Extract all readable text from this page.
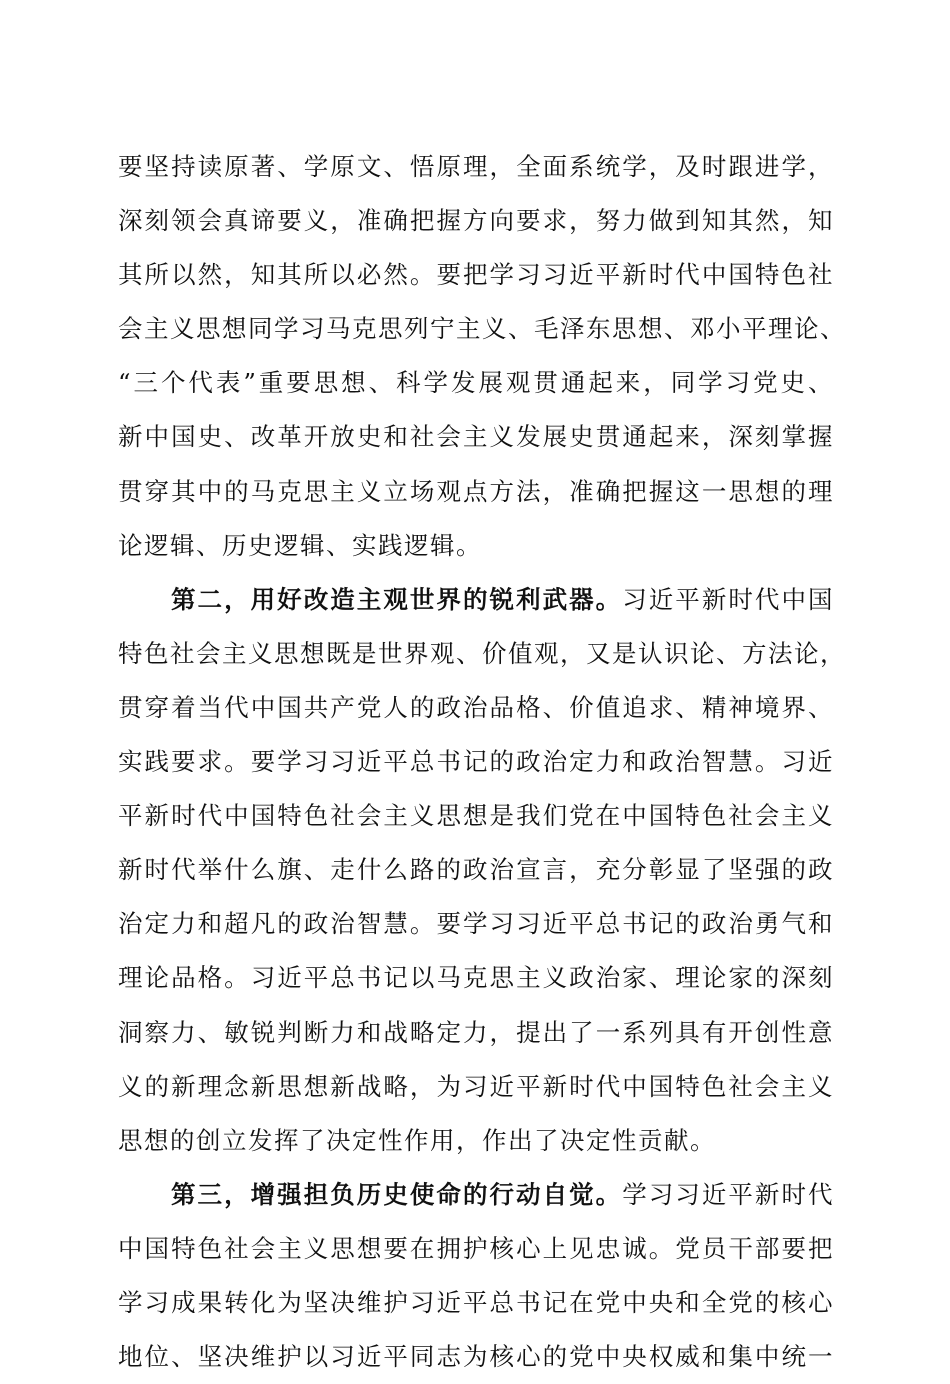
要坚持读原著、学原文、悟原理，全面系统学，及时跟进学，
深刻领会真谛要义，准确把握方向要求，努力做到知其然，知
其所以然，知其所以必然。要把学习习近平新时代中国特色社
会主义思想同学习马克思列宁主义、毛泽东思想、邓小平理论、
“三个代表”重要思想、科学发展观贯通起来，同学习党史、
新中国史、改革开放史和社会主义发展史贯通起来，深刻掌握
贯穿其中的马克思主义立场观点方法，准确把握这一思想的理
论逻辑、历史逻辑、实践逻辑。
第二，用好改造主观世界的锐利武器。习近平新时代中国
特色社会主义思想既是世界观、价值观，又是认识论、方法论，
贯穿着当代中国共产党人的政治品格、价值追求、精神境界、
实践要求。要学习习近平总书记的政治定力和政治智慧。习近
平新时代中国特色社会主义思想是我们党在中国特色社会主义
新时代举什么旗、走什么路的政治宣言，充分彰显了坚强的政
治定力和超凡的政治智慧。要学习习近平总书记的政治勇气和
理论品格。习近平总书记以马克思主义政治家、理论家的深刻
洞察力、敏锐判断力和战略定力，提出了一系列具有开创性意
义的新理念新思想新战略，为习近平新时代中国特色社会主义
思想的创立发挥了决定性作用，作出了决定性贡献。
第三，增强担负历史使命的行动自觉。学习习近平新时代
中国特色社会主义思想要在拥护核心上见忠诚。党员干部要把
学习成果转化为坚决维护习近平总书记在党中央和全党的核心
地位、坚决维护以习近平同志为核心的党中央权威和集中统一
